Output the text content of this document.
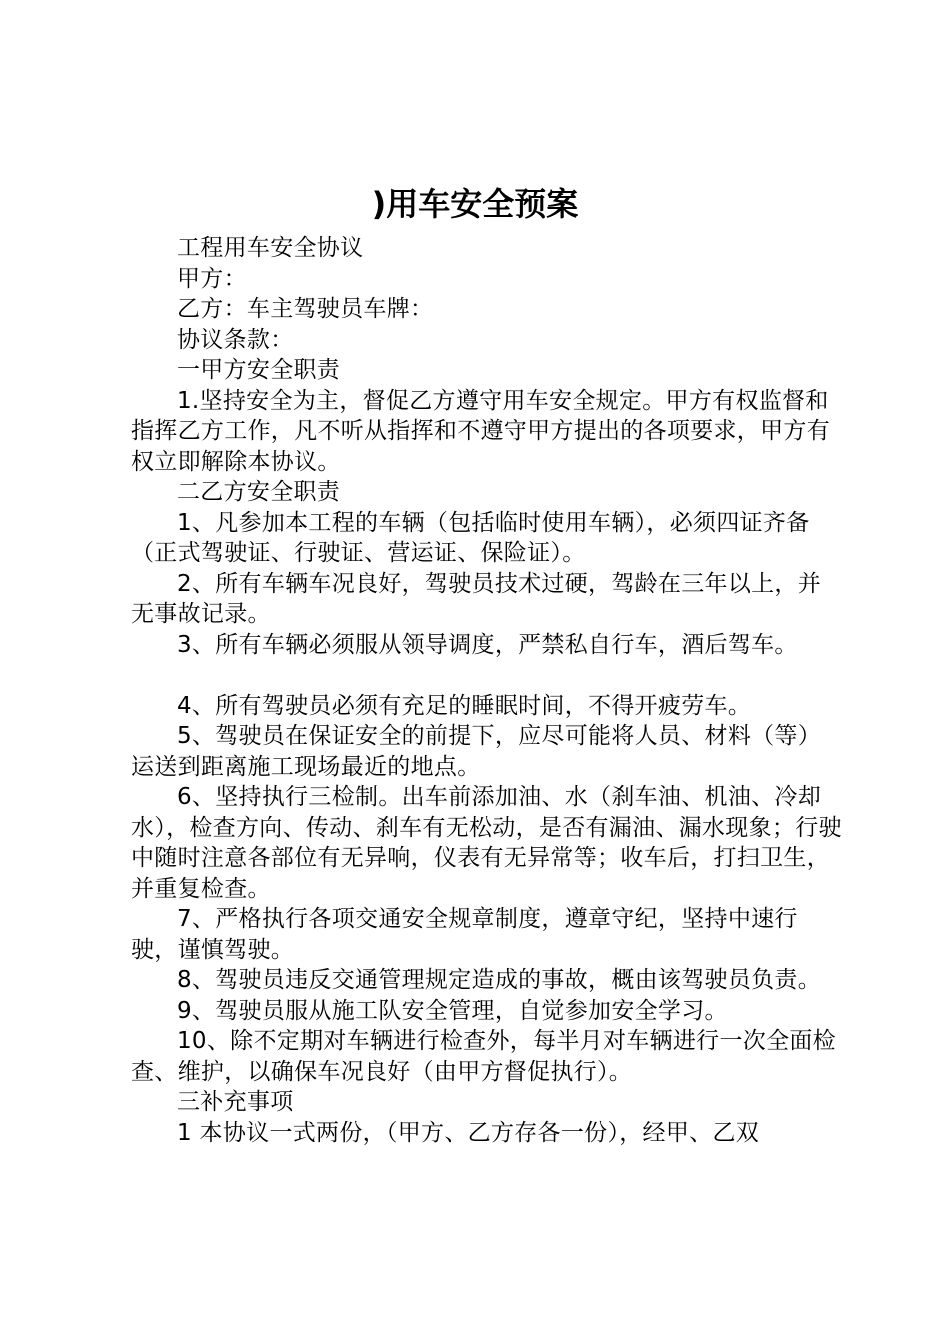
)用车安全预案

工程用车安全协议

甲方：

乙方：车主驾驶员车牌：

协议条款：

一甲方安全职责

1.坚持安全为主，督促乙方遵守用车安全规定。甲方有权监督和指挥乙方工作，凡不听从指挥和不遵守甲方提出的各项要求，甲方有权立即解除本协议。

二乙方安全职责

1、凡参加本工程的车辆（包括临时使用车辆），必须四证齐备（正式驾驶证、行驶证、营运证、保险证）。

2、所有车辆车况良好，驾驶员技术过硬，驾龄在三年以上，并无事故记录。

3、所有车辆必须服从领导调度，严禁私自行车，酒后驾车。

4、所有驾驶员必须有充足的睡眠时间，不得开疲劳车。

5、驾驶员在保证安全的前提下，应尽可能将人员、材料（等）运送到距离施工现场最近的地点。

6、坚持执行三检制。出车前添加油、水（刹车油、机油、冷却水），检查方向、传动、刹车有无松动，是否有漏油、漏水现象；行驶中随时注意各部位有无异响，仪表有无异常等；收车后，打扫卫生，并重复检查。

7、严格执行各项交通安全规章制度，遵章守纪，坚持中速行驶，谨慎驾驶。

8、驾驶员违反交通管理规定造成的事故，概由该驾驶员负责。

9、驾驶员服从施工队安全管理，自觉参加安全学习。

10、除不定期对车辆进行检查外，每半月对车辆进行一次全面检查、维护，以确保车况良好（由甲方督促执行）。

三补充事项

1 本协议一式两份，（甲方、乙方存各一份），经甲、乙双
